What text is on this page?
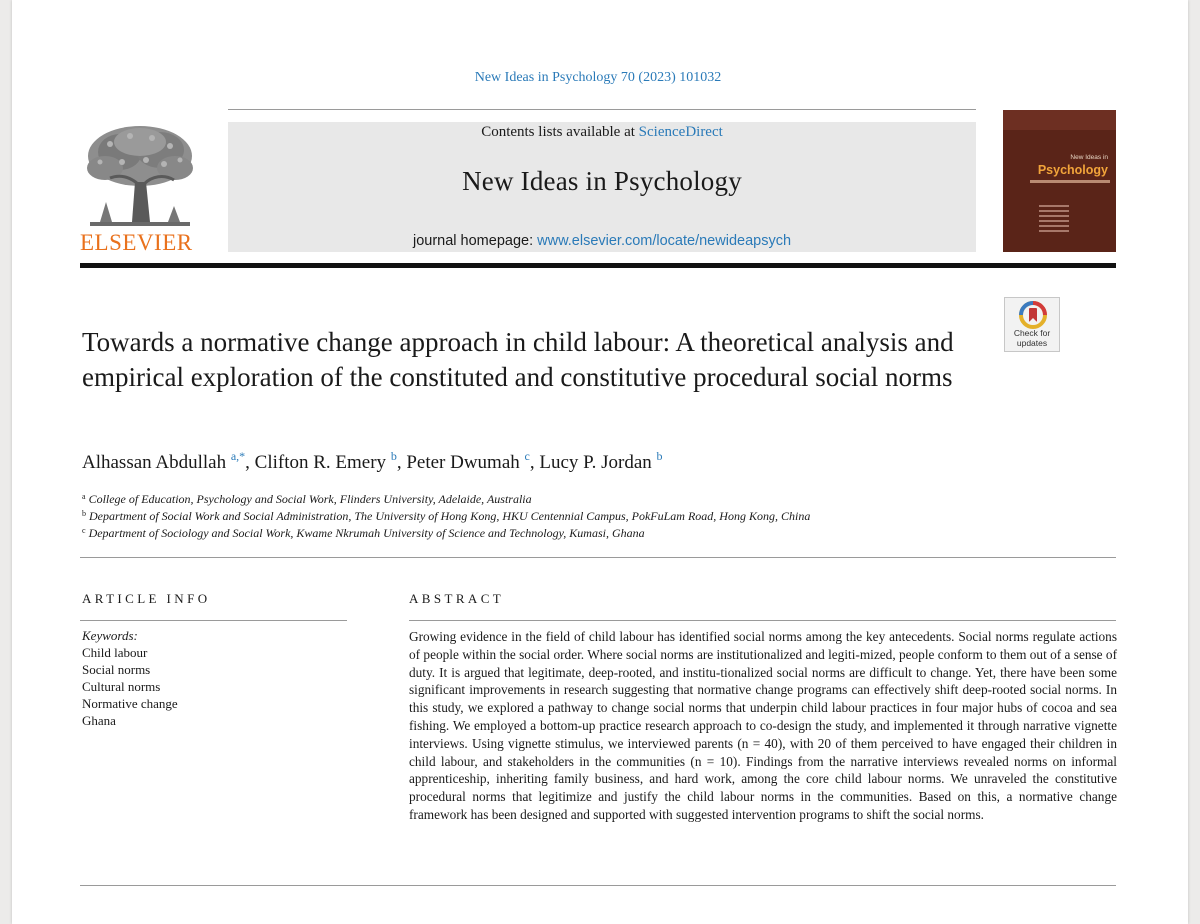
New Ideas in Psychology 70 (2023) 101032
ELSEVIER
Contents lists available at ScienceDirect
New Ideas in Psychology
journal homepage: www.elsevier.com/locate/newideapsych
New Ideas in
Psychology
Check for
updates
Towards a normative change approach in child labour: A theoretical analysis and empirical exploration of the constituted and constitutive procedural social norms
Alhassan Abdullah $^{a,*}$, Clifton R. Emery $^b$, Peter Dwumah $^c$, Lucy P. Jordan $^b$
$^a$ College of Education, Psychology and Social Work, Flinders University, Adelaide, Australia
$^b$ Department of Social Work and Social Administration, The University of Hong Kong, HKU Centennial Campus, PokFuLam Road, Hong Kong, China
$^c$ Department of Sociology and Social Work, Kwame Nkrumah University of Science and Technology, Kumasi, Ghana
ARTICLE INFO	ABSTRACT
Keywords:
Child labour
Social norms
Cultural norms
Normative change
Ghana
Growing evidence in the field of child labour has identified social norms among the key antecedents. Social norms regulate actions of people within the social order. Where social norms are institutionalized and legiti-mized, people conform to them out of a sense of duty. It is argued that legitimate, deep-rooted, and institu-tionalized social norms are difficult to change. Yet, there have been some significant improvements in research suggesting that normative change programs can effectively shift deep-rooted social norms. In this study, we explored a pathway to change social norms that underpin child labour practices in four major hubs of cocoa and sea fishing. We employed a bottom-up practice research approach to co-design the study, and implemented it through narrative vignette interviews. Using vignette stimulus, we interviewed parents (n = 40), with 20 of them perceived to have engaged their children in child labour, and stakeholders in the communities (n = 10). Findings from the narrative interviews revealed norms on informal apprenticeship, inheriting family business, and hard work, among the core child labour norms. We unraveled the constitutive procedural norms that legitimize and justify the child labour norms in the communities. Based on this, a normative change framework has been designed and supported with suggested intervention programs to shift the social norms.
